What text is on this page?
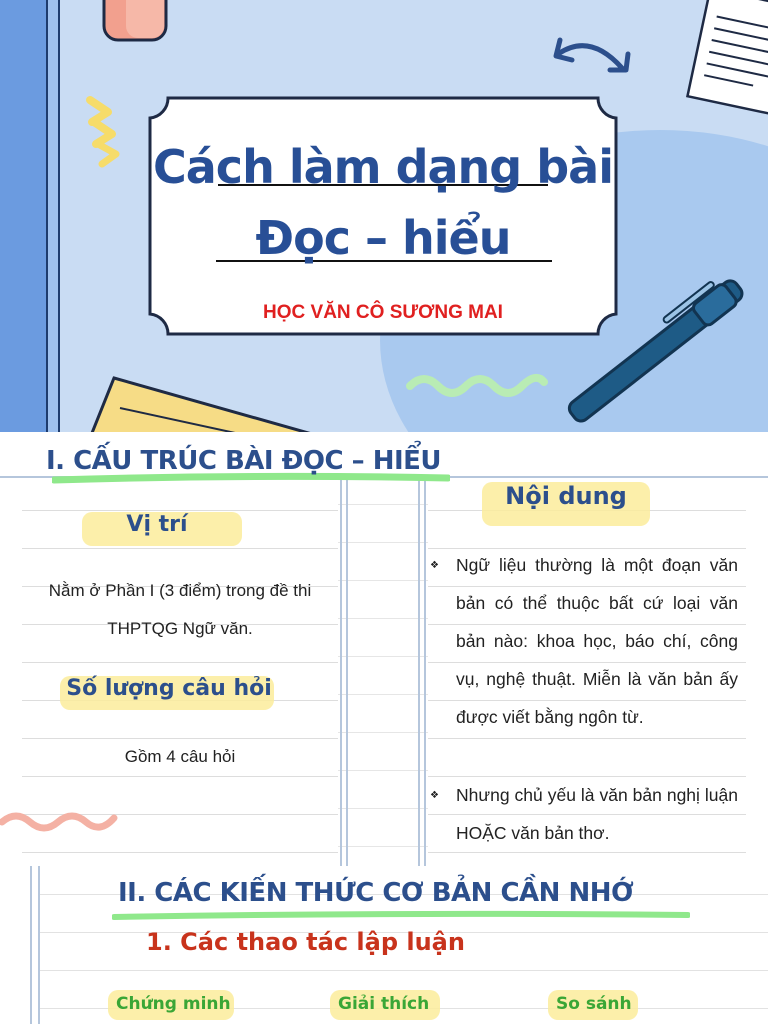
Cách làm dạng bài
Đọc – hiểu
HỌC VĂN CÔ SƯƠNG MAI
I. CẤU TRÚC BÀI ĐỌC – HIỂU
Vị trí
Nằm ở Phần I (3 điểm) trong đề thi THPTQG Ngữ văn.
Số lượng câu hỏi
Gồm 4 câu hỏi
Nội dung
❖ Ngữ liệu thường là một đoạn văn bản có thể thuộc bất cứ loại văn bản nào: khoa học, báo chí, công vụ, nghệ thuật. Miễn là văn bản ấy được viết bằng ngôn từ.
❖ Nhưng chủ yếu là văn bản nghị luận HOẶC văn bản thơ.
II. CÁC KIẾN THỨC CƠ BẢN CẦN NHỚ
1. Các thao tác lập luận
Chứng minh	Giải thích	So sánh
